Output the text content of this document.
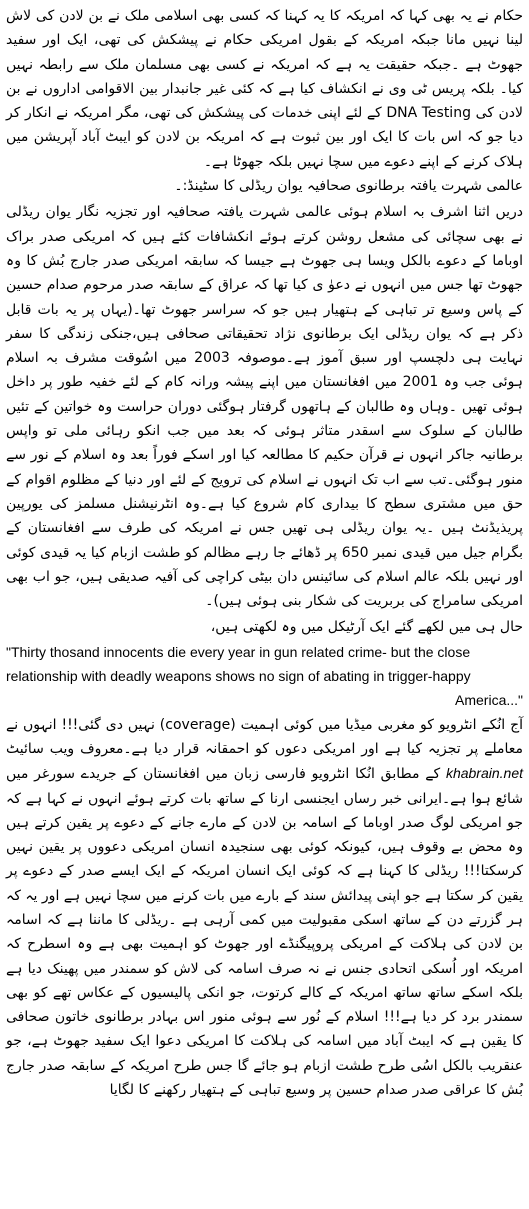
حکام نے یہ بھی کہا کہ امریکہ کا یہ کہنا کہ کسی بھی اسلامی ملک نے بن لادن کی لاش لینا نہیں مانا جبکہ امریکہ کے بقول امریکی حکام نے پیشکش کی تھی، ایک اور سفید جھوٹ ہے ۔جبکہ حقیقت یہ ہے کہ امریکہ نے کسی بھی مسلمان ملک سے رابطہ نہیں کیا۔ بلکہ پریس ٹی وی نے انکشاف کیا ہے کہ کئی غیر جانبدار بین الاقوامی اداروں نے بن لادن کی DNA Testing کے لئے اپنی خدمات کی پیشکش کی تھی، مگر امریکہ نے انکار کر دیا جو کہ اس بات کا ایک اور بین ثبوت ہے کہ امریکہ بن لادن کو ایبٹ آباد آپریشن میں ہلاک کرنے کے اپنے دعوے میں سچا نہیں بلکہ جھوٹا ہے۔

عالمی شہرت یافتہ برطانوی صحافیہ یوان ریڈلی کا سٹینڈ:۔

دریں اثنا اشرف بہ اسلام ہوئی عالمی شہرت یافتہ صحافیہ اور تجزیہ نگار یوان ریڈلی نے بھی سچائی کی مشعل روشن کرتے ہوئے انکشافات کئے ہیں کہ امریکی صدر براک اوباما کے دعوے بالکل ویسا ہی جھوٹ ہے جیسا کہ سابقہ امریکی صدر جارج بُش کا وہ جھوٹ تھا جس میں انہوں نے دعوٰ ی کیا تھا کہ عراق کے سابقہ صدر مرحوم صدام حسین کے پاس وسیع تر تباہی کے ہتھیار ہیں جو کہ سراسر جھوٹ تھا۔(یہاں پر یہ بات قابل ذکر ہے کہ یوان ریڈلی ایک برطانوی نژاد تحقیقاتی صحافی ہیں،جنکی زندگی کا سفر نہایت ہی دلچسپ اور سبق آموز ہے۔موصوفہ 2003 میں اسُوقت مشرف بہ اسلام ہوئی جب وہ 2001 میں افغانستان میں اپنے پیشہ ورانہ کام کے لئے خفیہ طور پر داخل ہوئی تھیں ۔وہاں وہ طالبان کے ہاتھوں گرفتار ہوگئی دوران حراست وہ خواتین کے تئیں طالبان کے سلوک سے اسقدر متاثر ہوئی کہ بعد میں جب انکو رہائی ملی تو واپس برطانیہ جاکر انہوں نے قرآن حکیم کا مطالعہ کیا اور اسکے فوراً بعد وہ اسلام کے نور سے منور ہوگئی۔تب سے اب تک انہوں نے اسلام کی ترویج کے لئے اور دنیا کے مظلوم اقوام کے حق میں مشتری سطح کا بیداری کام شروع کیا ہے۔وہ انٹرنیشنل مسلمز کی یورپین پریذیڈنٹ ہیں ۔یہ یوان ریڈلی ہی تھیں جس نے امریکہ کی طرف سے افغانستان کے بگرام جیل میں قیدی نمبر 650 پر ڈھائے جا رہے مظالم کو طشت ازبام کیا یہ قیدی کوئی اور نہیں بلکہ عالم اسلام کی سائینس دان بیٹی کراچی کی آفیہ صدیقی ہیں، جو اب بھی امریکی سامراج کی بربریت کی شکار بنی ہوئی ہیں)۔

حال ہی میں لکھے گئے ایک آرٹیکل میں وہ لکھتی ہیں،

"Thirty thosand innocents die every year in gun related crime- but the close relationship with deadly weapons shows no sign of abating in trigger-happy America..."

آج انُکے انٹرویو کو مغربی میڈیا میں کوئی اہمیت (coverage) نہیں دی گئی!!! انہوں نے معاملے پر تجزیہ کیا ہے اور امریکی دعوں کو احمقانہ قرار دیا ہے۔معروف ویب سائیٹ khabrain.net کے مطابق انُکا انٹرویو فارسی زبان میں افغانستان کے جریدے سورغر میں شائع ہوا ہے۔ایرانی خبر رساں ایجنسی ارنا کے ساتھ بات کرتے ہوئے انہوں نے کہا ہے کہ جو امریکی لوگ صدر اوباما کے اسامہ بن لادن کے مارے جانے کے دعوے پر یقین کرتے ہیں وہ محض بے وقوف ہیں، کیونکہ کوئی بھی سنجیدہ انسان امریکی دعووں پر یقین نہیں کرسکتا!!! ریڈلی کا کہنا ہے کہ کوئی ایک انسان امریکہ کے ایک ایسے صدر کے دعوے پر یقین کر سکتا ہے جو اپنی پیدائش سند کے بارے میں بات کرنے میں سچا نہیں ہے اور یہ کہ ہر گزرتے دن کے ساتھ اسکی مقبولیت میں کمی آرہی ہے ۔ریڈلی کا ماننا ہے کہ اسامہ بن لادن کی ہلاکت کے امریکی پروپیگنڈے اور جھوٹ کو اہمیت بھی ہے وہ اسطرح کہ امریکہ اور اُسکی اتحادی جنس نے نہ صرف اسامہ کی لاش کو سمندر میں پھینک دیا ہے بلکہ اسکے ساتھ ساتھ امریکہ کے کالے کرتوت، جو انکی پالیسیوں کے عکاس تھے کو بھی سمندر برد کر دیا ہے!!! اسلام کے نُور سے ہوئی منور اس بہادر برطانوی خاتون صحافی کا یقین ہے کہ ایبٹ آباد میں اسامہ کی ہلاکت کا امریکی دعوا ایک سفید جھوٹ ہے، جو عنقریب بالکل اسُی طرح طشت ازبام ہو جائے گا جس طرح امریکہ کے سابقہ صدر جارج بُش کا عراقی صدر صدام حسین پر وسیع تباہی کے ہتھیار رکھنے کا لگایا
